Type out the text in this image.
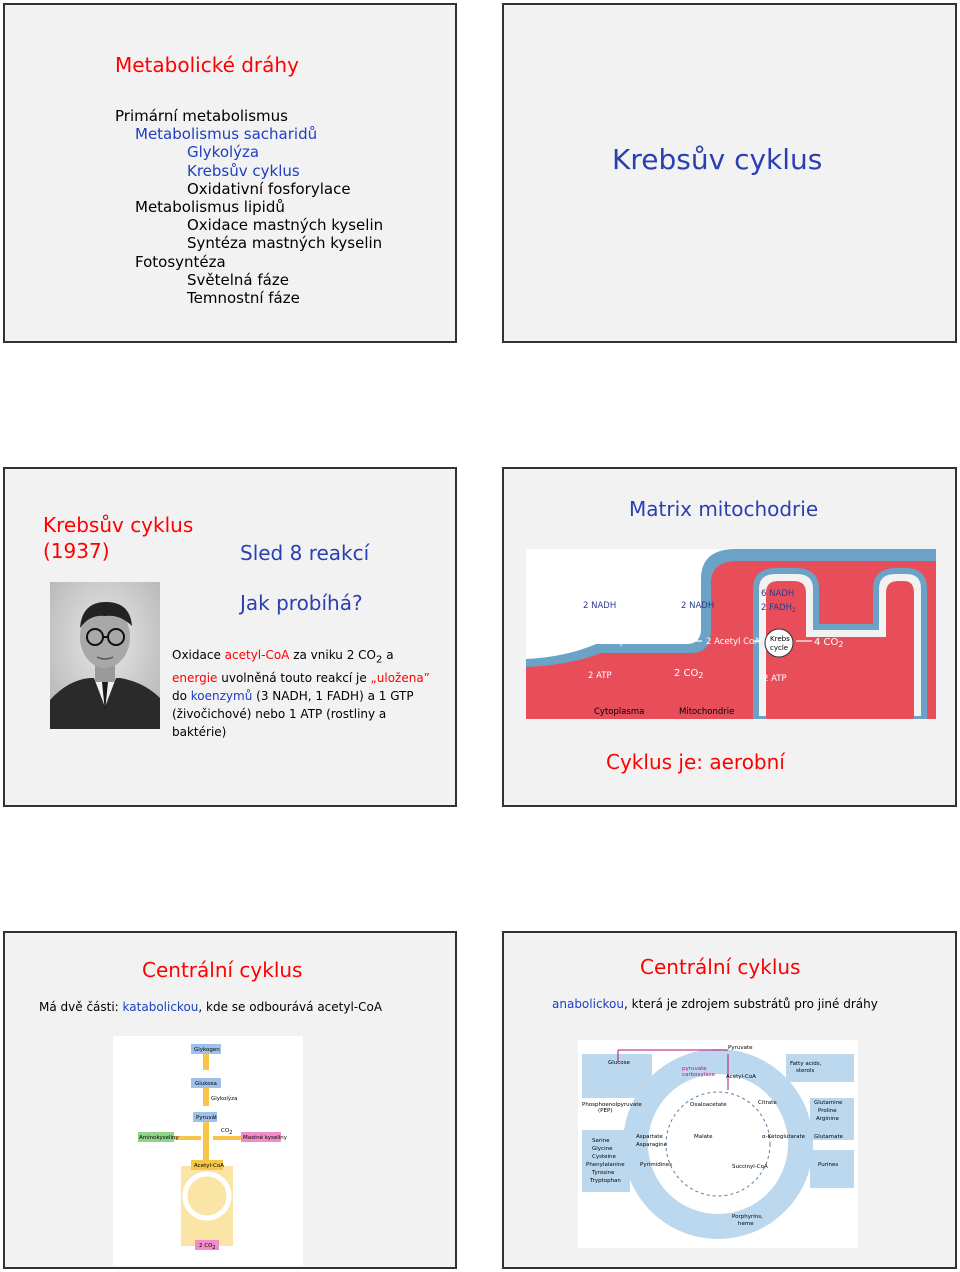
Metabolické dráhy
Primární metabolismus
Metabolismus sacharidů
Glykolýza
Krebsův cyklus
Oxidativní fosforylace
Metabolismus lipidů
Oxidace mastných kyselin
Syntéza mastných kyselin
Fotosyntéza
Světelná fáze
Temnostní fáze
Krebsův cyklus
Krebsův cyklus
(1937)	Sled 8 reakcí
Jak probíhá?
Oxidace acetyl-CoA za vniku 2 $CO_2$ a
energie uvolněná touto reakcí je „uložena”
do koenzymů (3 NADH, 1 FADH) a 1 GTP
(živočichové) nebo 1 ATP (rostliny a
baktérie)
Matrix mitochodrie
2 NADH	2 NADH
6 NADH
2 $FADH_2$
Glucose	2 Pyruvate	2 Acetyl CoA Krebs
cycle	4 $CO_2$
2 ATP	2 $CO_2$	2 ATP
Cytoplasma	Mitochondrie
Cyklus je: aerobní
Centrální cyklus
Má dvě části: katabolickou, kde se odbourává acetyl-CoA
Glykogen
Glukosa
Glykolýza
Pyruvát
CO2
Aminokyseliny	Mastné kyseliny
Acetyl-CoA
2 CO2
Centrální cyklus
anabolickou, která je zdrojem substrátů pro jiné dráhy
Pyruvate
Glucose
pyruvate
carboxylase Acetyl-CoA
Fatty acids,
sterols
Phosphoenolpyruvate
(PEP)
Oxaloacetate	Citrate	Glutamine
Proline
Arginine
Serine
Glycine
Cysteine
Phenylalanine
Tyrosine
Tryptophan
Aspartate
Asparagine
Pyrimidines
Malate	α-Ketoglutarate Glutamate
Purines
Succinyl-CoA
Porphyrins,
heme
